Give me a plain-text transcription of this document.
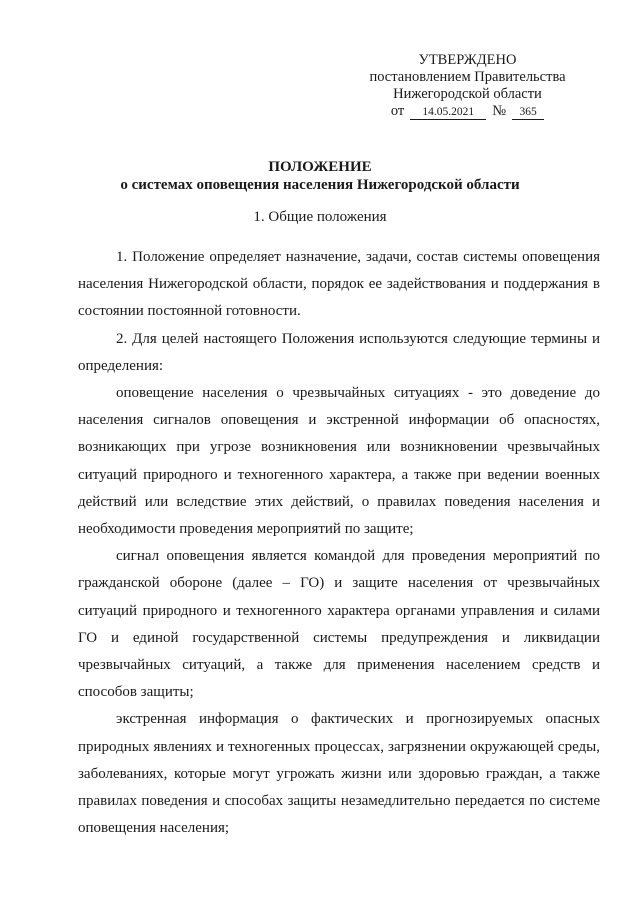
УТВЕРЖДЕНО
постановлением Правительства
Нижегородской области
от 14.05.2021 № 365
ПОЛОЖЕНИЕ
о системах оповещения населения Нижегородской области
1. Общие положения

1. Положение определяет назначение, задачи, состав системы оповещения населения Нижегородской области, порядок ее задействования и поддержания в состоянии постоянной готовности.

2. Для целей настоящего Положения используются следующие термины и определения:

оповещение населения о чрезвычайных ситуациях - это доведение до населения сигналов оповещения и экстренной информации об опасностях, возникающих при угрозе возникновения или возникновении чрезвычайных ситуаций природного и техногенного характера, а также при ведении военных действий или вследствие этих действий, о правилах поведения населения и необходимости проведения мероприятий по защите;

сигнал оповещения является командой для проведения мероприятий по гражданской обороне (далее – ГО) и защите населения от чрезвычайных ситуаций природного и техногенного характера органами управления и силами ГО и единой государственной системы предупреждения и ликвидации чрезвычайных ситуаций, а также для применения населением средств и способов защиты;

экстренная информация о фактических и прогнозируемых опасных природных явлениях и техногенных процессах, загрязнении окружающей среды, заболеваниях, которые могут угрожать жизни или здоровью граждан, а также правилах поведения и способах защиты незамедлительно передается по системе оповещения населения;
